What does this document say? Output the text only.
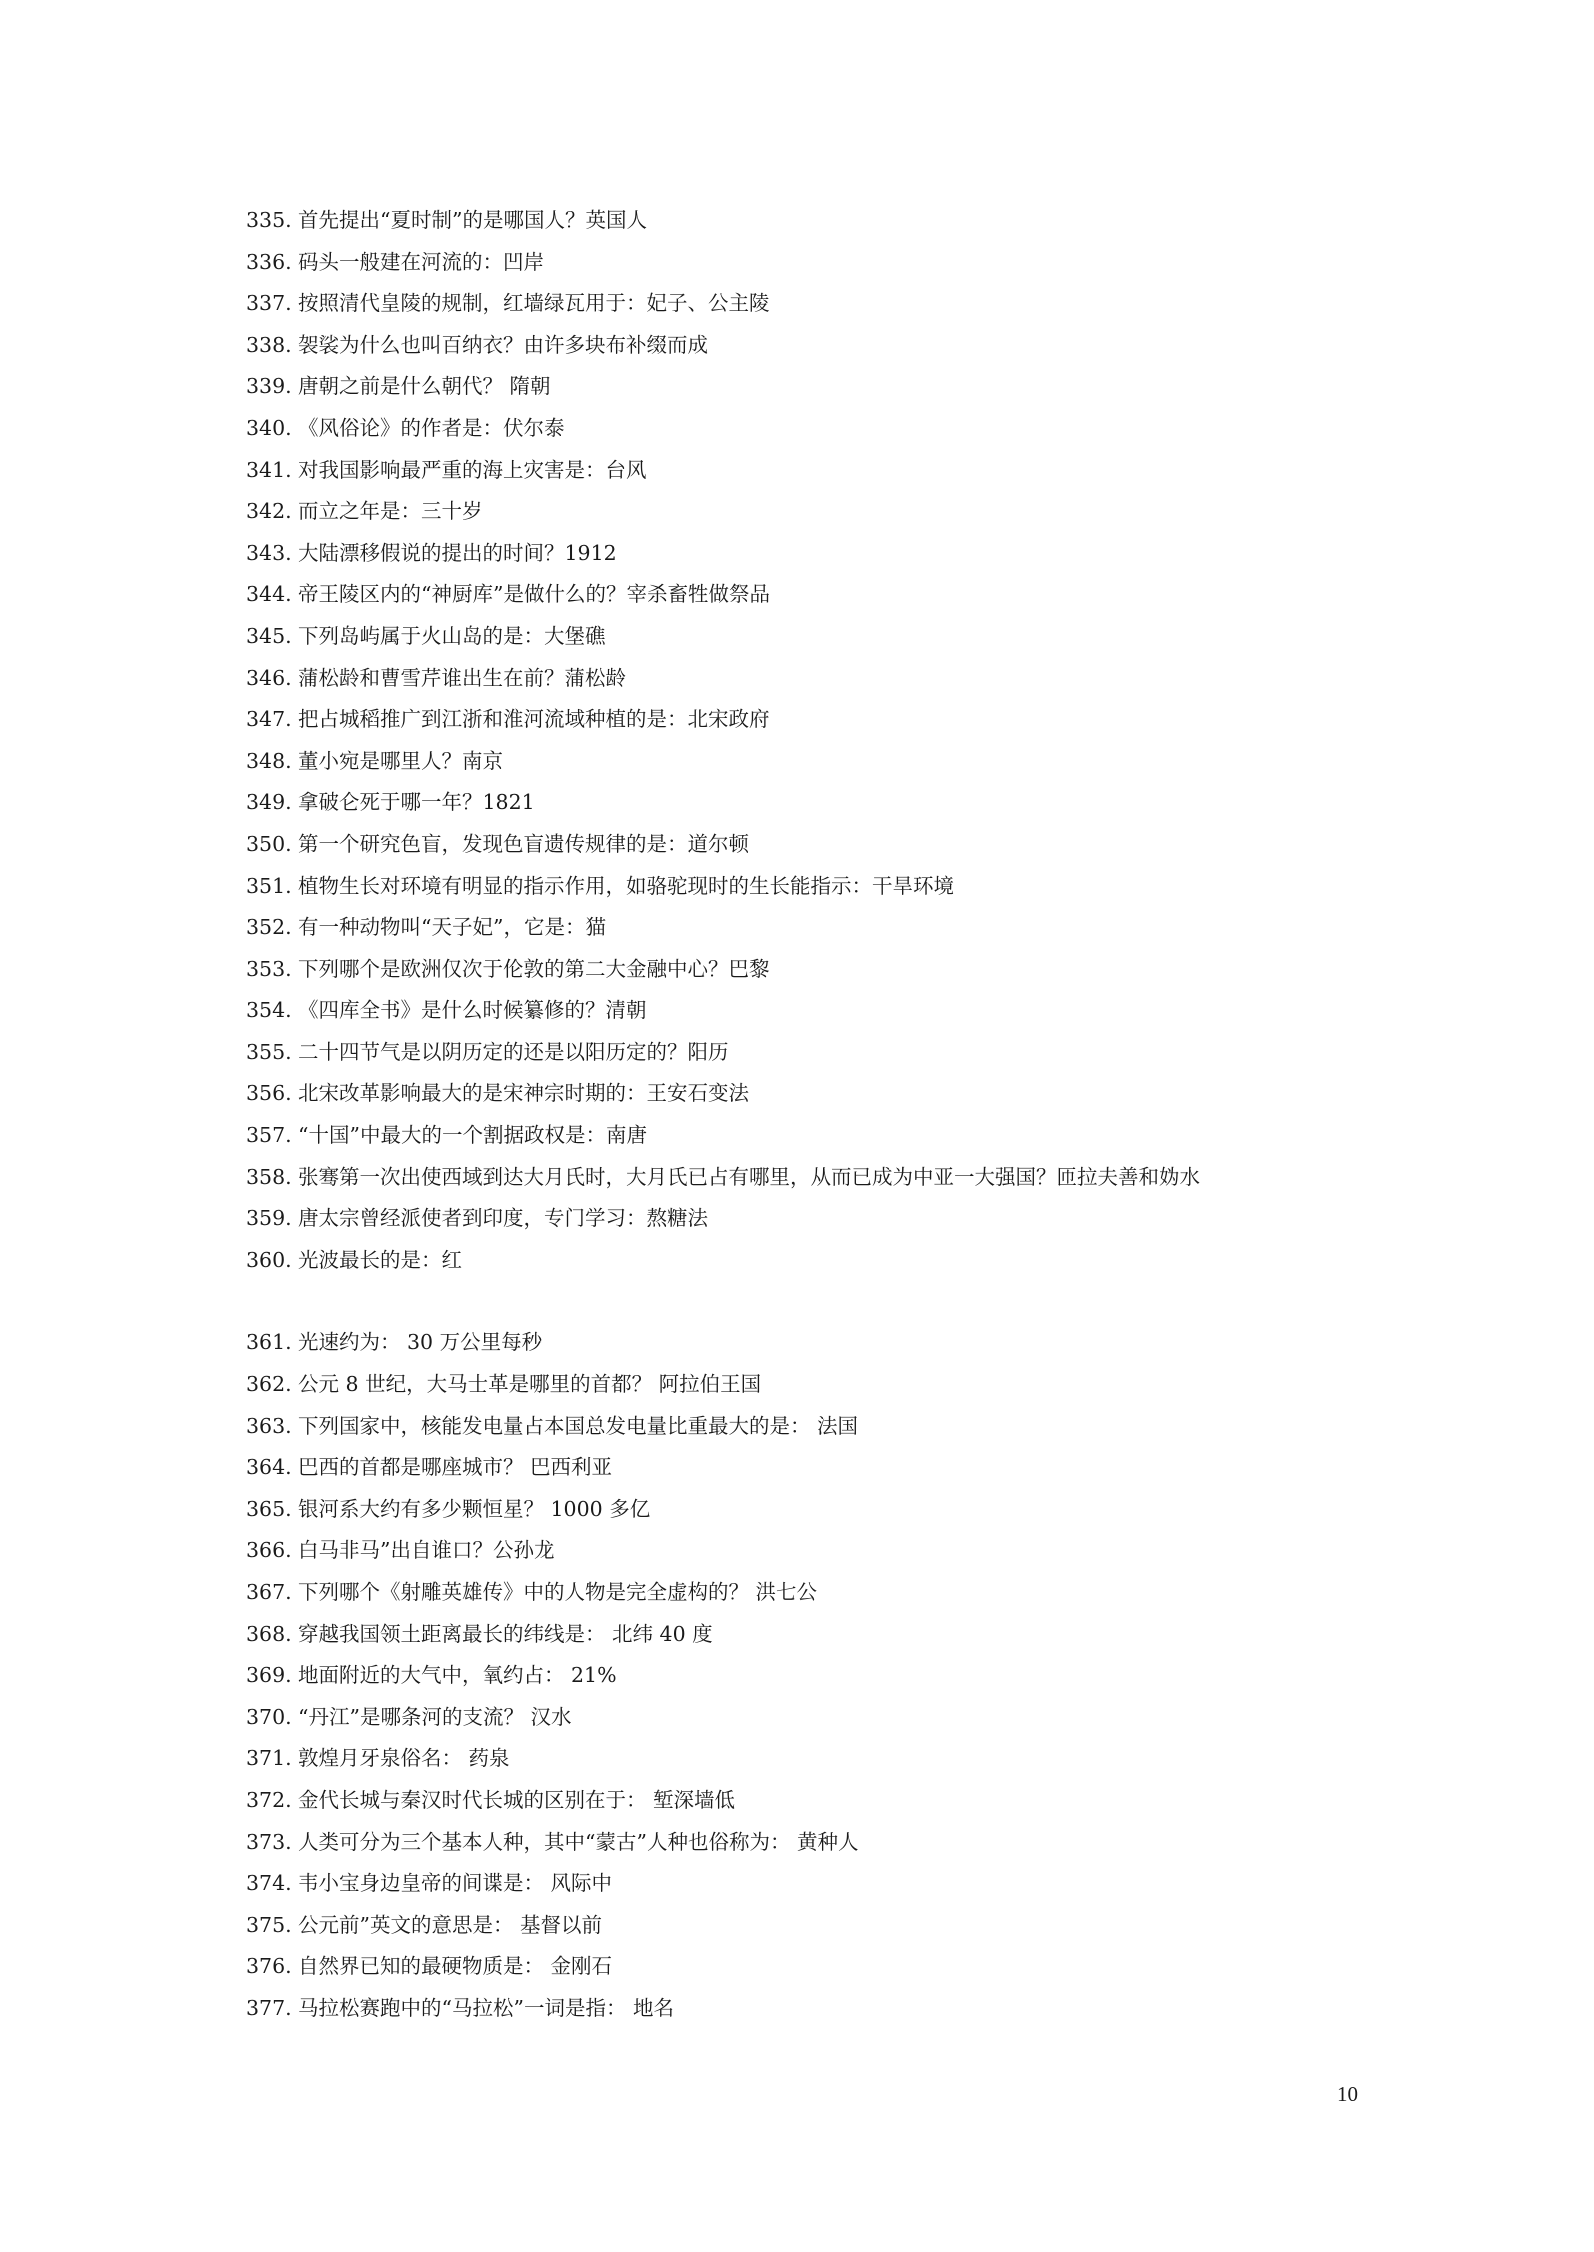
335. 首先提出“夏时制”的是哪国人？英国人
336. 码头一般建在河流的：凹岸
337. 按照清代皇陵的规制，红墙绿瓦用于：妃子、公主陵
338. 袈裟为什么也叫百纳衣？由许多块布补缀而成
339. 唐朝之前是什么朝代？ 隋朝
340. 《风俗论》的作者是：伏尔泰
341. 对我国影响最严重的海上灾害是：台风
342. 而立之年是：三十岁
343. 大陆漂移假说的提出的时间？1912
344. 帝王陵区内的“神厨库”是做什么的？宰杀畜牲做祭品
345. 下列岛屿属于火山岛的是：大堡礁
346. 蒲松龄和曹雪芹谁出生在前？蒲松龄
347. 把占城稻推广到江浙和淮河流域种植的是：北宋政府
348. 董小宛是哪里人？南京
349. 拿破仑死于哪一年？1821
350. 第一个研究色盲，发现色盲遗传规律的是：道尔顿
351. 植物生长对环境有明显的指示作用，如骆驼现时的生长能指示：干旱环境
352. 有一种动物叫“天子妃”，它是：猫
353. 下列哪个是欧洲仅次于伦敦的第二大金融中心？巴黎
354. 《四库全书》是什么时候纂修的？清朝
355. 二十四节气是以阴历定的还是以阳历定的？阳历
356. 北宋改革影响最大的是宋神宗时期的：王安石变法
357. “十国”中最大的一个割据政权是：南唐
358. 张骞第一次出使西域到达大月氏时，大月氏已占有哪里，从而已成为中亚一大强国？匝拉夫善和妫水
359. 唐太宗曾经派使者到印度，专门学习：熬糖法
360. 光波最长的是：红
361. 光速约为： 30 万公里每秒
362. 公元 8 世纪，大马士革是哪里的首都？ 阿拉伯王国
363. 下列国家中，核能发电量占本国总发电量比重最大的是： 法国
364. 巴西的首都是哪座城市？ 巴西利亚
365. 银河系大约有多少颗恒星？ 1000 多亿
366. 白马非马”出自谁口？公孙龙
367. 下列哪个《射雕英雄传》中的人物是完全虚构的？ 洪七公
368. 穿越我国领土距离最长的纬线是： 北纬 40 度
369. 地面附近的大气中，氧约占： 21%
370. “丹江”是哪条河的支流？ 汉水
371. 敦煌月牙泉俗名： 药泉
372. 金代长城与秦汉时代长城的区别在于： 堑深墙低
373. 人类可分为三个基本人种，其中“蒙古”人种也俗称为： 黄种人
374. 韦小宝身边皇帝的间谍是： 风际中
375. 公元前”英文的意思是： 基督以前
376. 自然界已知的最硬物质是： 金刚石
377. 马拉松赛跑中的“马拉松”一词是指： 地名
10
